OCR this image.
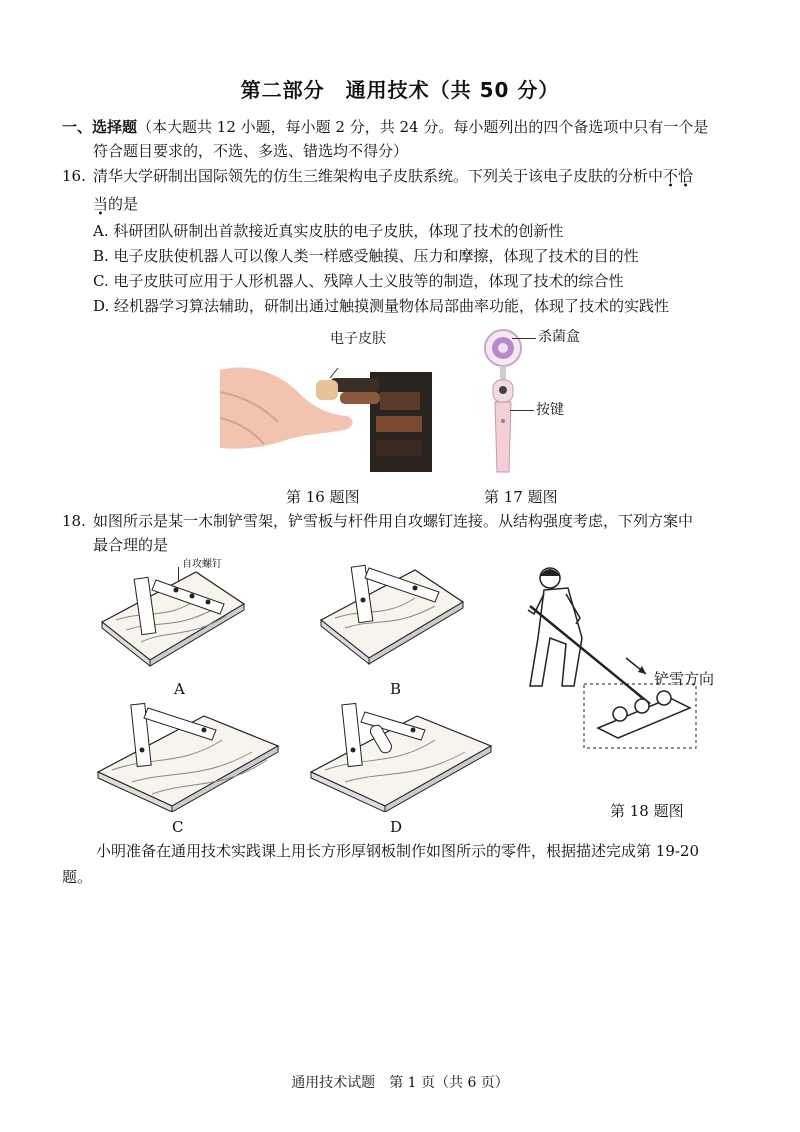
第二部分　通用技术（共 50 分）
一、选择题（本大题共 12 小题，每小题 2 分，共 24 分。每小题列出的四个备选项中只有一个是
符合题目要求的，不选、多选、错选均不得分）
16. 清华大学研制出国际领先的仿生三维架构电子皮肤系统。下列关于该电子皮肤的分析中不恰
当的是
A. 科研团队研制出首款接近真实皮肤的电子皮肤，体现了技术的创新性
B. 电子皮肤使机器人可以像人类一样感受触摸、压力和摩擦，体现了技术的目的性
C. 电子皮肤可应用于人形机器人、残障人士义肢等的制造，体现了技术的综合性
D. 经机器学习算法辅助，研制出通过触摸测量物体局部曲率功能，体现了技术的实践性
电子皮肤	杀菌盒
按键
第 16 题图	第 17 题图
18. 如图所示是某一木制铲雪架，铲雪板与杆件用自攻螺钉连接。从结构强度考虑，下列方案中
最合理的是
自攻螺钉
铲雪方向
A	B
C	D
第 18 题图
小明准备在通用技术实践课上用长方形厚钢板制作如图所示的零件，根据描述完成第 19-20
题。
通用技术试题　第 1 页（共 6 页）
